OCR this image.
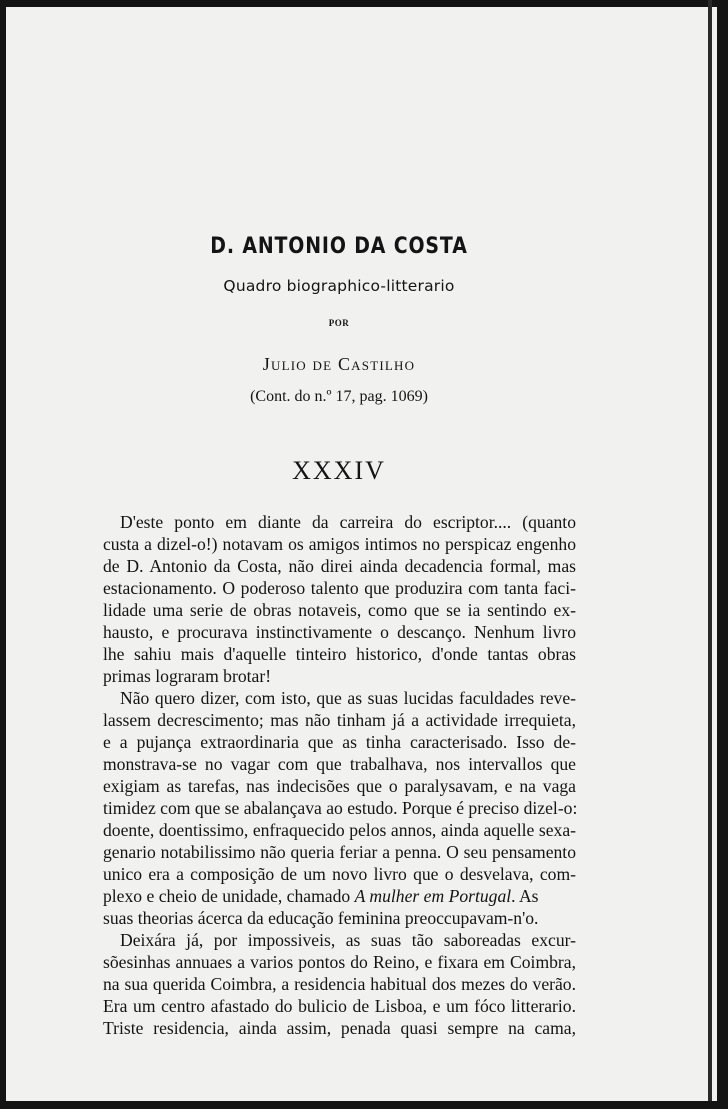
D. ANTONIO DA COSTA
Quadro biographico-litterario
POR
Julio de Castilho
(Cont. do n.º 17, pag. 1069)
XXXIV
D'este ponto em diante da carreira do escriptor.... (quanto
custa a dizel-o!) notavam os amigos intimos no perspicaz engenho
de D. Antonio da Costa, não direi ainda decadencia formal, mas
estacionamento. O poderoso talento que produzira com tanta faci-
lidade uma serie de obras notaveis, como que se ia sentindo ex-
hausto, e procurava instinctivamente o descanço. Nenhum livro
lhe sahiu mais d'aquelle tinteiro historico, d'onde tantas obras
primas lograram brotar!
Não quero dizer, com isto, que as suas lucidas faculdades reve-
lassem decrescimento; mas não tinham já a actividade irrequieta,
e a pujança extraordinaria que as tinha caracterisado. Isso de-
monstrava-se no vagar com que trabalhava, nos intervallos que
exigiam as tarefas, nas indecisões que o paralysavam, e na vaga
timidez com que se abalançava ao estudo. Porque é preciso dizel-o:
doente, doentissimo, enfraquecido pelos annos, ainda aquelle sexa-
genario notabilissimo não queria feriar a penna. O seu pensamento
unico era a composição de um novo livro que o desvelava, com-
plexo e cheio de unidade, chamado A mulher em Portugal. As
suas theorias ácerca da educação feminina preoccupavam-n'o.
Deixára já, por impossiveis, as suas tão saboreadas excur-
sõesinhas annuaes a varios pontos do Reino, e fixara em Coimbra,
na sua querida Coimbra, a residencia habitual dos mezes do verão.
Era um centro afastado do bulicio de Lisboa, e um fóco litterario.
Triste residencia, ainda assim, penada quasi sempre na cama,
